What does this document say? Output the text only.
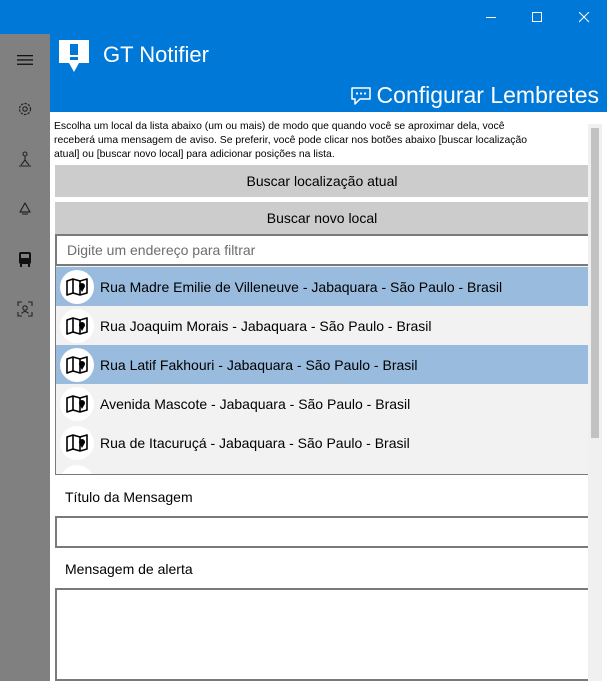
GT Notifier
Configurar Lembretes
Escolha um local da lista abaixo (um ou mais) de modo que quando você se aproximar dela, você
receberá uma mensagem de aviso. Se preferir, você pode clicar nos botões abaixo [buscar localização
atual] ou [buscar novo local] para adicionar posições na lista.
Buscar localização atual
Buscar novo local
Digite um endereço para filtrar
Rua Madre Emilie de Villeneuve - Jabaquara - São Paulo - Brasil
Rua Joaquim Morais - Jabaquara - São Paulo - Brasil
Rua Latif Fakhouri - Jabaquara - São Paulo - Brasil
Avenida Mascote - Jabaquara - São Paulo - Brasil
Rua de Itacuruçá - Jabaquara - São Paulo - Brasil
Título da Mensagem
Mensagem de alerta
